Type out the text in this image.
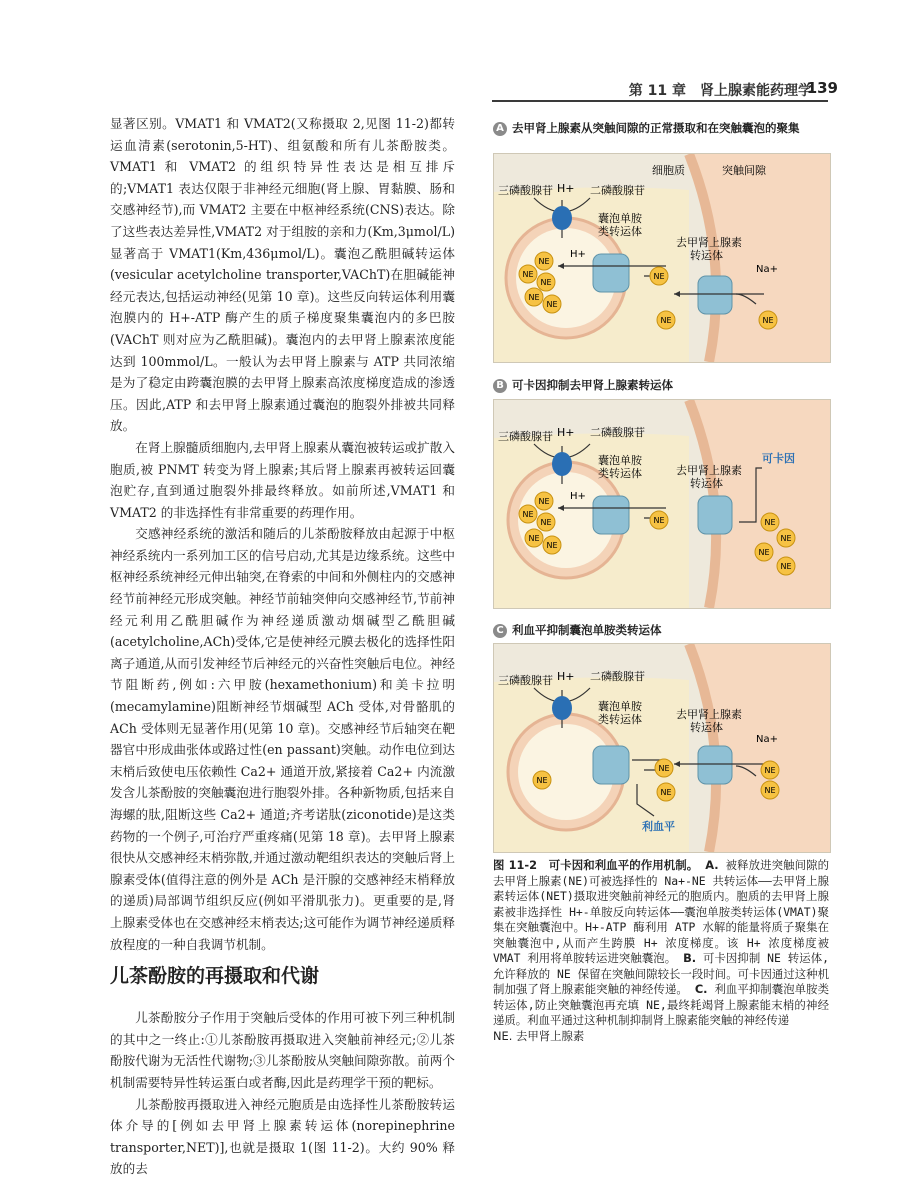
第 11 章　肾上腺素能药理学
139

显著区别。VMAT1 和 VMAT2(又称摄取 2,见图 11-2)都转运血清素(serotonin,5-HT)、组氨酸和所有儿茶酚胺类。VMAT1 和 VMAT2 的组织特异性表达是相互排斥的;VMAT1 表达仅限于非神经元细胞(肾上腺、胃黏膜、肠和交感神经节),而 VMAT2 主要在中枢神经系统(CNS)表达。除了这些表达差异性,VMAT2 对于组胺的亲和力(Km,3μmol/L)显著高于 VMAT1(Km,436μmol/L)。囊泡乙酰胆碱转运体(vesicular acetylcholine transporter,VAChT)在胆碱能神经元表达,包括运动神经(见第 10 章)。这些反向转运体利用囊泡膜内的 H+-ATP 酶产生的质子梯度聚集囊泡内的多巴胺(VAChT 则对应为乙酰胆碱)。囊泡内的去甲肾上腺素浓度能达到 100mmol/L。一般认为去甲肾上腺素与 ATP 共同浓缩是为了稳定由跨囊泡膜的去甲肾上腺素高浓度梯度造成的渗透压。因此,ATP 和去甲肾上腺素通过囊泡的胞裂外排被共同释放。

在肾上腺髓质细胞内,去甲肾上腺素从囊泡被转运或扩散入胞质,被 PNMT 转变为肾上腺素;其后肾上腺素再被转运回囊泡贮存,直到通过胞裂外排最终释放。如前所述,VMAT1 和 VMAT2 的非选择性有非常重要的药理作用。

交感神经系统的激活和随后的儿茶酚胺释放由起源于中枢神经系统内一系列加工区的信号启动,尤其是边缘系统。这些中枢神经系统神经元伸出轴突,在脊索的中间和外侧柱内的交感神经节前神经元形成突触。神经节前轴突伸向交感神经节,节前神经元利用乙酰胆碱作为神经递质激动烟碱型乙酰胆碱(acetylcholine,ACh)受体,它是使神经元膜去极化的选择性阳离子通道,从而引发神经节后神经元的兴奋性突触后电位。神经节阻断药,例如:六甲胺(hexamethonium)和美卡拉明(mecamylamine)阻断神经节烟碱型 ACh 受体,对骨骼肌的 ACh 受体则无显著作用(见第 10 章)。交感神经节后轴突在靶器官中形成曲张体或路过性(en passant)突触。动作电位到达末梢后致使电压依赖性 Ca2+ 通道开放,紧接着 Ca2+ 内流激发含儿茶酚胺的突触囊泡进行胞裂外排。各种新物质,包括来自海螺的肽,阻断这些 Ca2+ 通道;齐考诺肽(ziconotide)是这类药物的一个例子,可治疗严重疼痛(见第 18 章)。去甲肾上腺素很快从交感神经末梢弥散,并通过激动靶组织表达的突触后肾上腺素受体(值得注意的例外是 ACh 是汗腺的交感神经末梢释放的递质)局部调节组织反应(例如平滑肌张力)。更重要的是,肾上腺素受体也在交感神经末梢表达;这可能作为调节神经递质释放程度的一种自我调节机制。

儿茶酚胺的再摄取和代谢

儿茶酚胺分子作用于突触后受体的作用可被下列三种机制的其中之一终止:①儿茶酚胺再摄取进入突触前神经元;②儿茶酚胺代谢为无活性代谢物;③儿茶酚胺从突触间隙弥散。前两个机制需要特异性转运蛋白或者酶,因此是药理学干预的靶标。

儿茶酚胺再摄取进入神经元胞质是由选择性儿茶酚胺转运体介导的[例如去甲肾上腺素转运体(norepinephrine transporter,NET)],也就是摄取 1(图 11-2)。大约 90% 释放的去

A 去甲肾上腺素从突触间隙的正常摄取和在突触囊泡的聚集
细胞质	突触间隙
三磷酸腺苷	二磷酸腺苷
H+
H+
囊泡单胺
类转运体
去甲肾上腺素
转运体
Na+
NE
NE
NE
NE
NE
NE
NE	NE
B 可卡因抑制去甲肾上腺素转运体
三磷酸腺苷	二磷酸腺苷
H+
H+
囊泡单胺
类转运体	去甲肾上腺素
转运体
可卡因
NE
NE
NE
NE
NE
NE	NE
NE
NE
NE
C 利血平抑制囊泡单胺类转运体
三磷酸腺苷	二磷酸腺苷
H+
囊泡单胺
类转运体
利血平
去甲肾上腺素
转运体
Na+
NE
NE
NE
NE
NE
图 11-2　可卡因和利血平的作用机制。 A. 被释放进突触间隙的去甲肾上腺素(NE)可被选择性的 Na+-NE 共转运体——去甲肾上腺素转运体(NET)摄取进突触前神经元的胞质内。胞质的去甲肾上腺素被非选择性 H+-单胺反向转运体——囊泡单胺类转运体(VMAT)聚集在突触囊泡中。H+-ATP 酶利用 ATP 水解的能量将质子聚集在突触囊泡中,从而产生跨膜 H+ 浓度梯度。该 H+ 浓度梯度被 VMAT 利用将单胺转运进突触囊泡。 B. 可卡因抑制 NE 转运体,允许释放的 NE 保留在突触间隙较长一段时间。可卡因通过这种机制加强了肾上腺素能突触的神经传递。 C. 利血平抑制囊泡单胺类转运体,防止突触囊泡再充填 NE,最终耗竭肾上腺素能末梢的神经递质。利血平通过这种机制抑制肾上腺素能突触的神经传递
NE. 去甲肾上腺素
